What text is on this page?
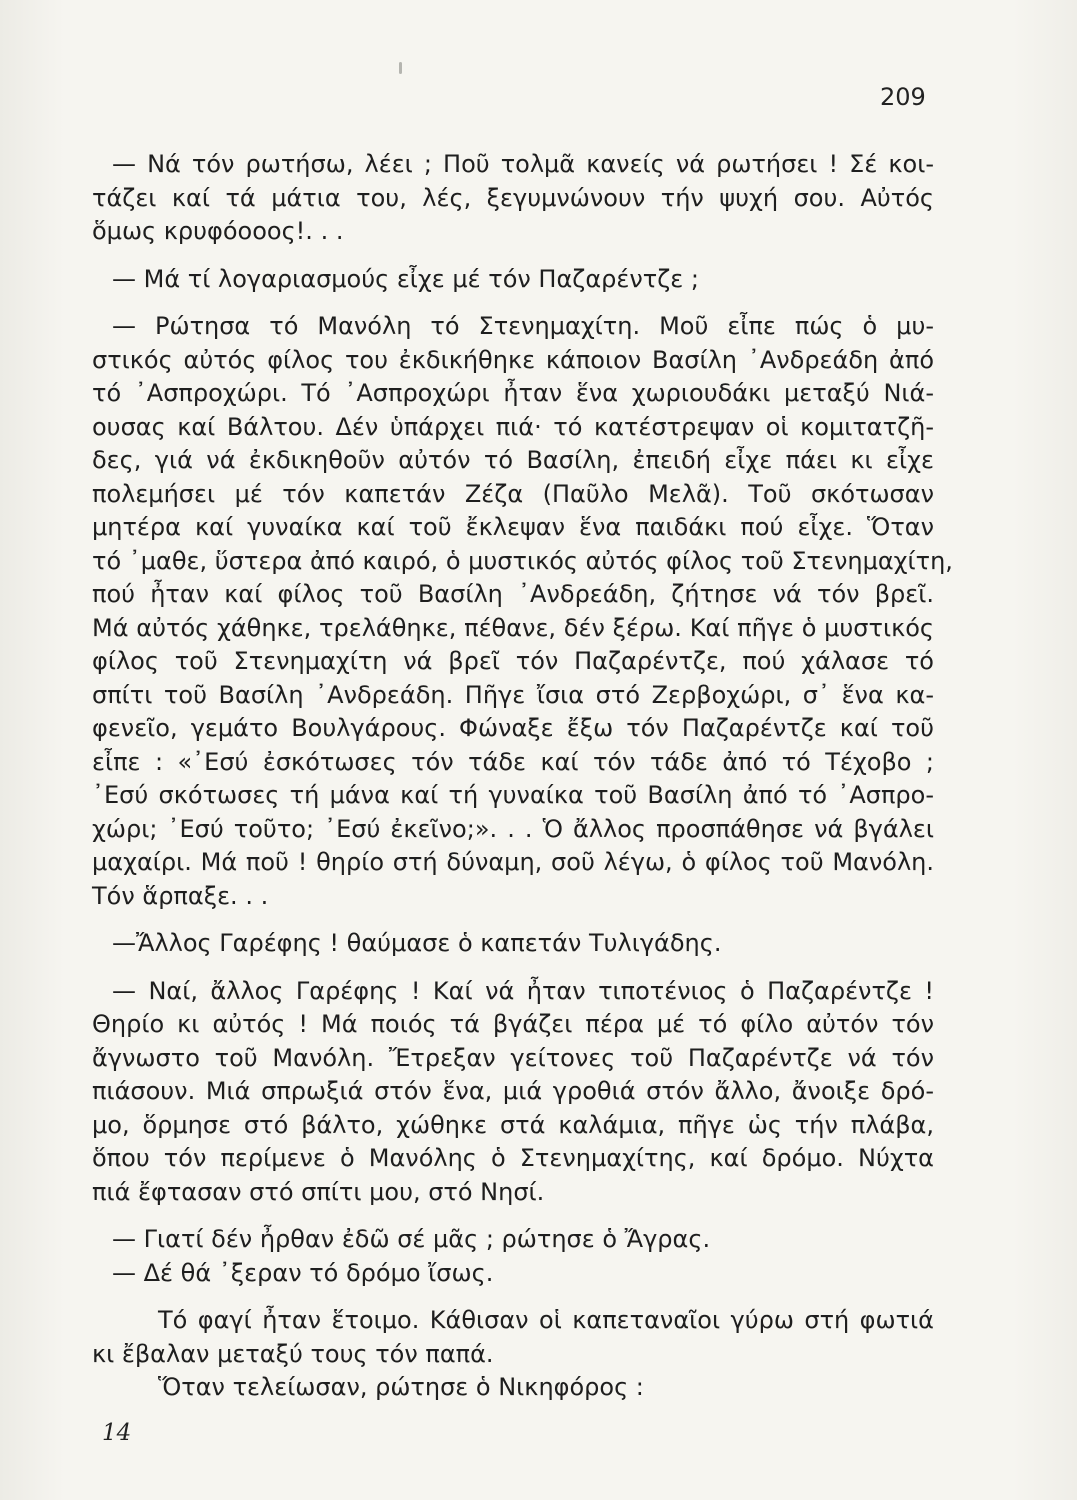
209
— Νά τόν ρωτήσω, λέει ; Ποῦ τολμᾶ κανείς νά ρωτήσει ! Σέ κοι-
τάζει καί τά μάτια του, λές, ξεγυμνώνουν τήν ψυχή σου. Αὐτός
ὅμως κρυφόοοος!. . .
— Μά τί λογαριασμούς εἶχε μέ τόν Παζαρέντζε ;
— Ρώτησα τό Μανόλη τό Στενημαχίτη. Μοῦ εἶπε πώς ὁ μυ-
στικός αὐτός φίλος του ἐκδικήθηκε κάποιον Βασίλη ᾿Ανδρεάδη ἀπό
τό ᾿Ασπροχώρι. Τό ᾿Ασπροχώρι ἦταν ἕνα χωριουδάκι μεταξύ Νιά-
ουσας καί Βάλτου. Δέν ὑπάρχει πιά· τό κατέστρεψαν οἱ κομιτατζῆ-
δες, γιά νά ἐκδικηθοῦν αὐτόν τό Βασίλη, ἐπειδή εἶχε πάει κι εἶχε
πολεμήσει μέ τόν καπετάν Ζέζα (Παῦλο Μελᾶ). Τοῦ σκότωσαν
μητέρα καί γυναίκα καί τοῦ ἔκλεψαν ἕνα παιδάκι πού εἶχε. Ὅταν
τό ᾿μαθε, ὕστερα ἀπό καιρό, ὁ μυστικός αὐτός φίλος τοῦ Στενημαχίτη,
πού ἦταν καί φίλος τοῦ Βασίλη ᾿Ανδρεάδη, ζήτησε νά τόν βρεῖ.
Μά αὐτός χάθηκε, τρελάθηκε, πέθανε, δέν ξέρω. Καί πῆγε ὁ μυστικός
φίλος τοῦ Στενημαχίτη νά βρεῖ τόν Παζαρέντζε, πού χάλασε τό
σπίτι τοῦ Βασίλη ᾿Ανδρεάδη. Πῆγε ἴσια στό Ζερβοχώρι, σ᾿ ἕνα κα-
φενεῖο, γεμάτο Βουλγάρους. Φώναξε ἔξω τόν Παζαρέντζε καί τοῦ
εἶπε : «᾿Εσύ ἐσκότωσες τόν τάδε καί τόν τάδε ἀπό τό Τέχοβο ;
᾿Εσύ σκότωσες τή μάνα καί τή γυναίκα τοῦ Βασίλη ἀπό τό ᾿Ασπρο-
χώρι; ᾿Εσύ τοῦτο; ᾿Εσύ ἐκεῖνο;». . . Ὁ ἄλλος προσπάθησε νά βγάλει
μαχαίρι. Μά ποῦ ! θηρίο στή δύναμη, σοῦ λέγω, ὁ φίλος τοῦ Μανόλη.
Τόν ἅρπαξε. . .
—Ἄλλος Γαρέφης ! θαύμασε ὁ καπετάν Τυλιγάδης.
— Ναί, ἄλλος Γαρέφης ! Καί νά ἦταν τιποτένιος ὁ Παζαρέντζε !
Θηρίο κι αὐτός ! Μά ποιός τά βγάζει πέρα μέ τό φίλο αὐτόν τόν
ἄγνωστο τοῦ Μανόλη. Ἔτρεξαν γείτονες τοῦ Παζαρέντζε νά τόν
πιάσουν. Μιά σπρωξιά στόν ἕνα, μιά γροθιά στόν ἄλλο, ἄνοιξε δρό-
μο, ὅρμησε στό βάλτο, χώθηκε στά καλάμια, πῆγε ὡς τήν πλάβα,
ὅπου τόν περίμενε ὁ Μανόλης ὁ Στενημαχίτης, καί δρόμο. Νύχτα
πιά ἔφτασαν στό σπίτι μου, στό Νησί.
— Γιατί δέν ἦρθαν ἐδῶ σέ μᾶς ; ρώτησε ὁ Ἄγρας.
— Δέ θά ᾿ξεραν τό δρόμο ἴσως.
Τό φαγί ἦταν ἕτοιμο. Κάθισαν οἱ καπεταναῖοι γύρω στή φωτιά
κι ἔβαλαν μεταξύ τους τόν παπά.
Ὅταν τελείωσαν, ρώτησε ὁ Νικηφόρος :
14
